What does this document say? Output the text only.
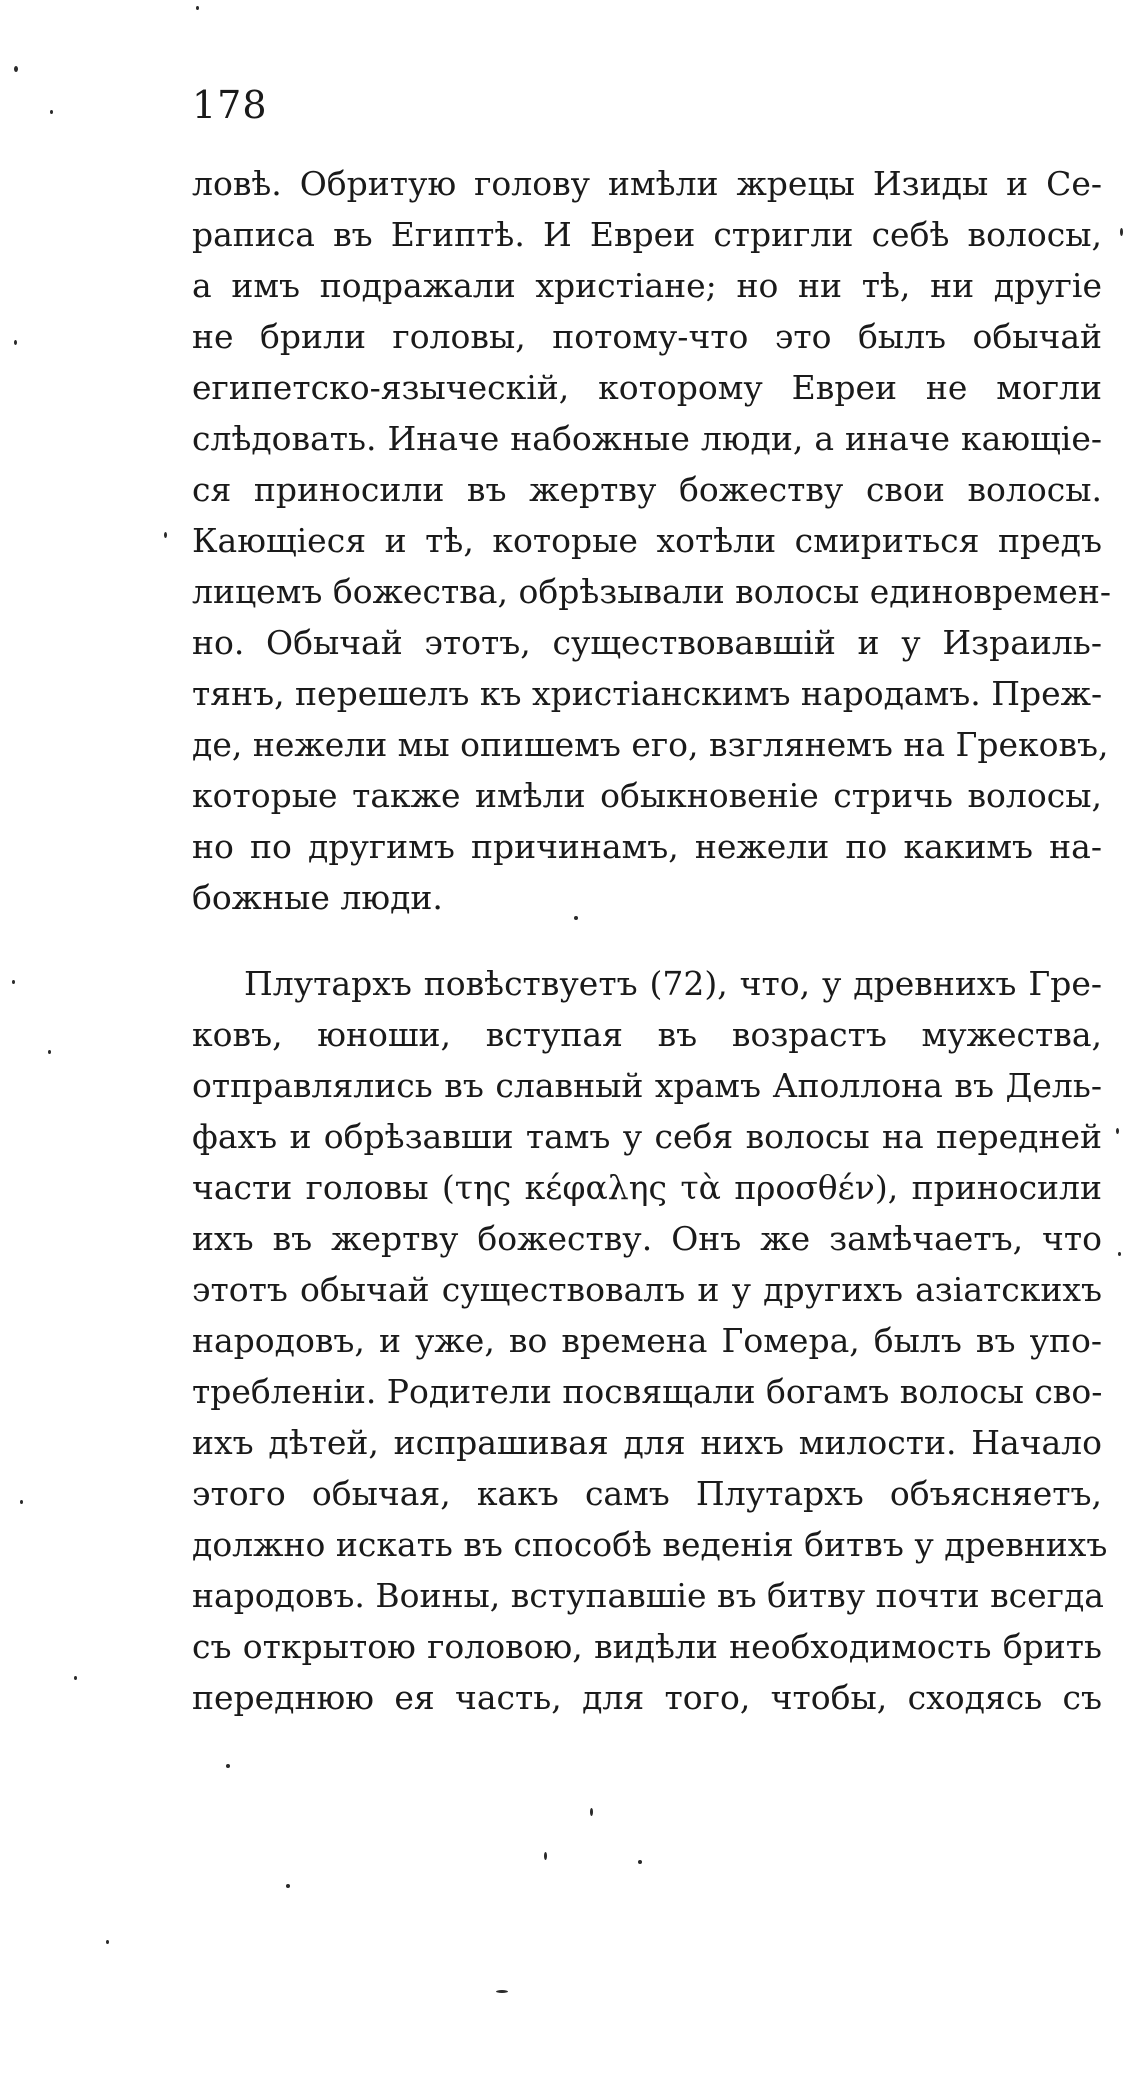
178
ловѣ. Обритую голову имѣли жрецы Изиды и Се-
раписа въ Египтѣ. И Евреи стригли себѣ волосы,
а имъ подражали христіане; но ни тѣ, ни другіе
не брили головы, потому-что это былъ обычай
египетско-языческій, которому Евреи не могли
слѣдовать. Иначе набожные люди, а иначе кающіе-
ся приносили въ жертву божеству свои волосы.
Кающіеся и тѣ, которые хотѣли смириться предъ
лицемъ божества, обрѣзывали волосы единовремен-
но. Обычай этотъ, существовавшій и у Израиль-
тянъ, перешелъ къ христіанскимъ народамъ. Преж-
де, нежели мы опишемъ его, взглянемъ на Грековъ,
которые также имѣли обыкновеніе стричь волосы,
но по другимъ причинамъ, нежели по какимъ на-
божные люди.
Плутархъ повѣствуетъ (72), что, у древнихъ Гре-
ковъ, юноши, вступая въ возрастъ мужества,
отправлялись въ славный храмъ Аполлона въ Дель-
фахъ и обрѣзавши тамъ у себя волосы на передней
части головы (της κέφαλης τὰ προσθέν), приносили
ихъ въ жертву божеству. Онъ же замѣчаетъ, что
этотъ обычай существовалъ и у другихъ азіатскихъ
народовъ, и уже, во времена Гомера, былъ въ упо-
требленіи. Родители посвящали богамъ волосы сво-
ихъ дѣтей, испрашивая для нихъ милости. Начало
этого обычая, какъ самъ Плутархъ объясняетъ,
должно искать въ способѣ веденія битвъ у древнихъ
народовъ. Воины, вступавшіе въ битву почти всегда
съ открытою головою, видѣли необходимость брить
переднюю ея часть, для того, чтобы, сходясь съ
